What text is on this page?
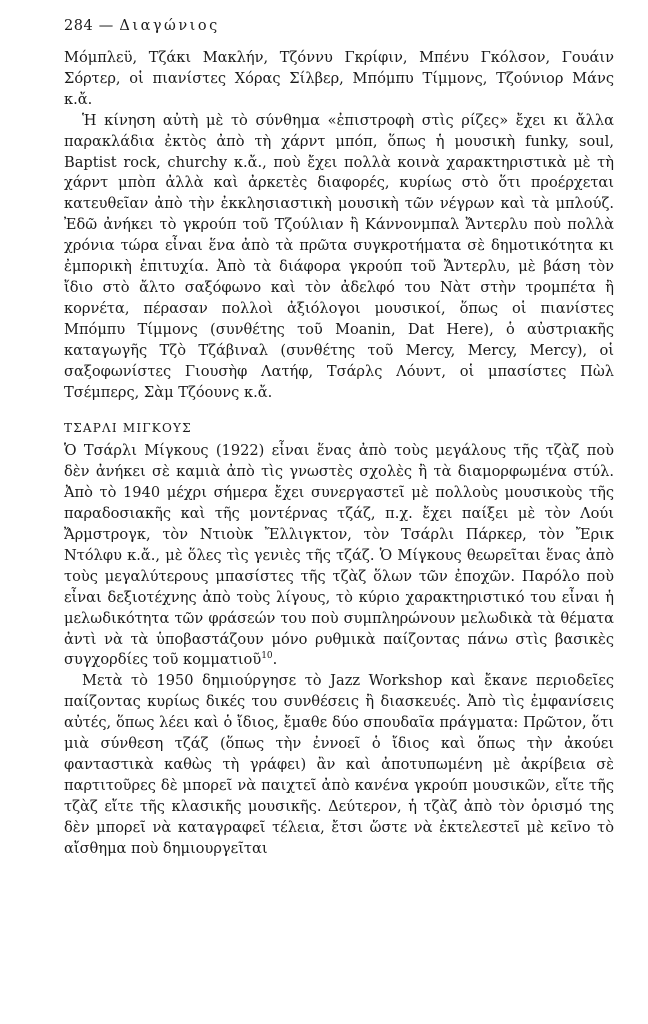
284 — Διαγώνιος

Μόμπλεϋ, Τζάκι Μακλήν, Τζόννυ Γκρίφιν, Μπένυ Γκόλσον, Γουάιν Σόρτερ, οἱ πιανίστες Χόρας Σίλβερ, Μπόμπυ Τίμμονς, Τζούνιορ Μάνς κ.ἄ.

Ἡ κίνηση αὐτὴ μὲ τὸ σύνθημα «ἐπιστροφὴ στὶς ρίζες» ἔχει κι ἄλλα παρακλάδια ἐκτὸς ἀπὸ τὴ χάρντ μπόπ, ὅπως ἡ μουσικὴ funky, soul, Baptist rock, churchy κ.ἄ., ποὺ ἔχει πολλὰ κοινὰ χαρακτηριστικὰ μὲ τὴ χάρντ μπὸπ ἀλλὰ καὶ ἀρκετὲς διαφορές, κυρίως στὸ ὅτι προέρχεται κατευθεῖαν ἀπὸ τὴν ἐκκλησιαστικὴ μουσικὴ τῶν νέγρων καὶ τὰ μπλούζ. Ἐδῶ ἀνήκει τὸ γκρούπ τοῦ Τζούλιαν ἢ Κάννονμπαλ Ἄντερλυ ποὺ πολλὰ χρόνια τώρα εἶναι ἕνα ἀπὸ τὰ πρῶτα συγκροτήματα σὲ δημοτικότητα κι ἐμπορικὴ ἐπιτυχία. Ἀπὸ τὰ διάφορα γκρούπ τοῦ Ἄντερλυ, μὲ βάση τὸν ἴδιο στὸ ἄλτο σαξόφωνο καὶ τὸν ἀδελφό του Νὰτ στὴν τρομπέτα ἢ κορνέτα, πέρασαν πολλοὶ ἀξιόλογοι μουσικοί, ὅπως οἱ πιανίστες Μπόμπυ Τίμμονς (συνθέτης τοῦ Moanin, Dat Here), ὁ αὐστριακῆς καταγωγῆς Τζὸ Τζάβιναλ (συνθέτης τοῦ Mercy, Mercy, Mercy), οἱ σαξοφωνίστες Γιουσὴφ Λατήφ, Τσάρλς Λόυντ, οἱ μπασίστες Πὼλ Τσέμπερς, Σὰμ Τζόουνς κ.ἄ.

ΤΣΑΡΛΙ ΜΙΓΚΟΥΣ

Ὁ Τσάρλι Μίγκους (1922) εἶναι ἕνας ἀπὸ τοὺς μεγάλους τῆς τζὰζ ποὺ δὲν ἀνήκει σὲ καμιὰ ἀπὸ τὶς γνωστὲς σχολὲς ἢ τὰ διαμορφωμένα στύλ. Ἀπὸ τὸ 1940 μέχρι σήμερα ἔχει συνεργαστεῖ μὲ πολλοὺς μουσικοὺς τῆς παραδοσιακῆς καὶ τῆς μοντέρνας τζάζ, π.χ. ἔχει παίξει μὲ τὸν Λούι Ἄρμστρογκ, τὸν Ντιοὺκ Ἔλλιγκτον, τὸν Τσάρλι Πάρκερ, τὸν Ἔρικ Ντόλφυ κ.ἄ., μὲ ὅλες τὶς γενιὲς τῆς τζάζ. Ὁ Μίγκους θεωρεῖται ἕνας ἀπὸ τοὺς μεγαλύτερους μπασίστες τῆς τζὰζ ὅλων τῶν ἐποχῶν. Παρόλο ποὺ εἶναι δεξιοτέχνης ἀπὸ τοὺς λίγους, τὸ κύριο χαρακτηριστικό του εἶναι ἡ μελωδικότητα τῶν φράσεών του ποὺ συμπληρώνουν μελωδικὰ τὰ θέματα ἀντὶ νὰ τὰ ὑποβαστάζουν μόνο ρυθμικὰ παίζοντας πάνω στὶς βασικὲς συγχορδίες τοῦ κομματιοῦ$^{10}$.

Μετὰ τὸ 1950 δημιούργησε τὸ Jazz Workshop καὶ ἔκανε περιοδεῖες παίζοντας κυρίως δικές του συνθέσεις ἢ διασκευές. Ἀπὸ τὶς ἐμφανίσεις αὐτές, ὅπως λέει καὶ ὁ ἴδιος, ἔμαθε δύο σπουδαῖα πράγματα: Πρῶτον, ὅτι μιὰ σύνθεση τζάζ (ὅπως τὴν ἐννοεῖ ὁ ἴδιος καὶ ὅπως τὴν ἀκούει φανταστικὰ καθὼς τὴ γράφει) ἂν καὶ ἀποτυπωμένη μὲ ἀκρίβεια σὲ παρτιτοῦρες δὲ μπορεῖ νὰ παιχτεῖ ἀπὸ κανένα γκρούπ μουσικῶν, εἴτε τῆς τζὰζ εἴτε τῆς κλασικῆς μουσικῆς. Δεύτερον, ἡ τζὰζ ἀπὸ τὸν ὁρισμό της δὲν μπορεῖ νὰ καταγραφεῖ τέλεια, ἔτσι ὥστε νὰ ἐκτελεστεῖ μὲ κεῖνο τὸ αἴσθημα ποὺ δημιουργεῖται
